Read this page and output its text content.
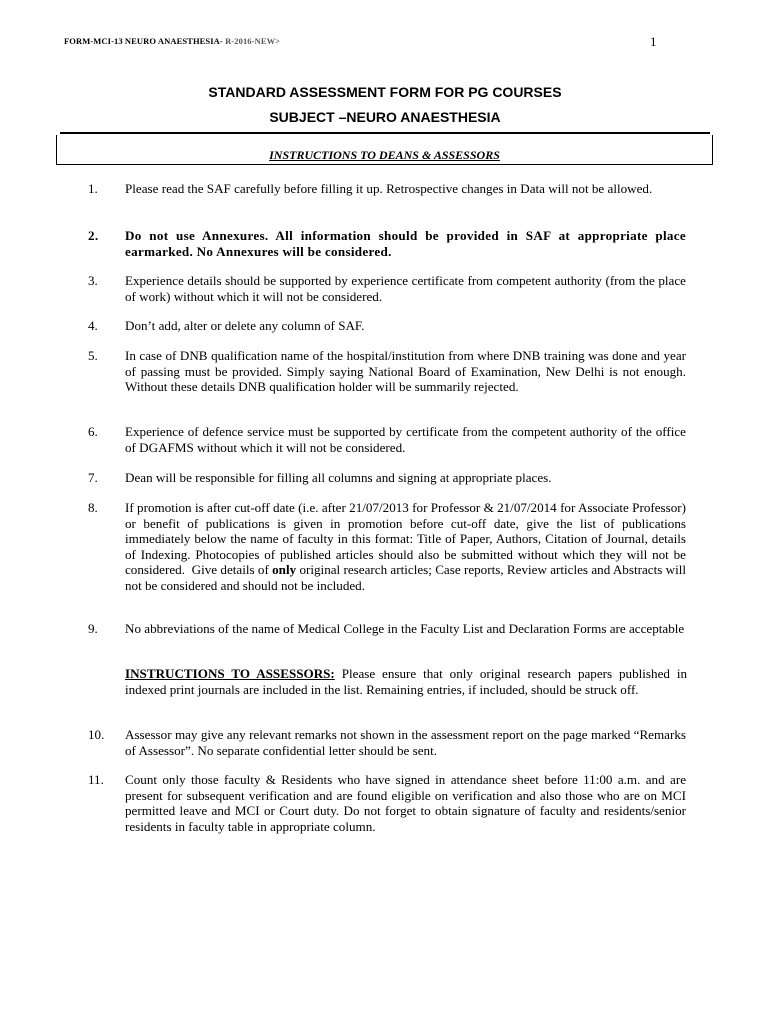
FORM-MCI-13 NEURO ANAESTHESIA- R-2016-NEW>	1
STANDARD ASSESSMENT FORM FOR PG COURSES
SUBJECT –NEURO ANAESTHESIA
INSTRUCTIONS TO DEANS & ASSESSORS
1. Please read the SAF carefully before filling it up. Retrospective changes in Data will not be allowed.
2. Do not use Annexures. All information should be provided in SAF at appropriate place earmarked. No Annexures will be considered.
3. Experience details should be supported by experience certificate from competent authority (from the place of work) without which it will not be considered.
4. Don’t add, alter or delete any column of SAF.
5. In case of DNB qualification name of the hospital/institution from where DNB training was done and year of passing must be provided. Simply saying National Board of Examination, New Delhi is not enough. Without these details DNB qualification holder will be summarily rejected.
6. Experience of defence service must be supported by certificate from the competent authority of the office of DGAFMS without which it will not be considered.
7. Dean will be responsible for filling all columns and signing at appropriate places.
8. If promotion is after cut-off date (i.e. after 21/07/2013 for Professor & 21/07/2014 for Associate Professor) or benefit of publications is given in promotion before cut-off date, give the list of publications immediately below the name of faculty in this format: Title of Paper, Authors, Citation of Journal, details of Indexing. Photocopies of published articles should also be submitted without which they will not be considered.  Give details of only original research articles; Case reports, Review articles and Abstracts will not be considered and should not be included.
9. No abbreviations of the name of Medical College in the Faculty List and Declaration Forms are acceptable
INSTRUCTIONS TO ASSESSORS: Please ensure that only original research papers published in indexed print journals are included in the list. Remaining entries, if included, should be struck off.
10. Assessor may give any relevant remarks not shown in the assessment report on the page marked “Remarks of Assessor”. No separate confidential letter should be sent.
11. Count only those faculty & Residents who have signed in attendance sheet before 11:00 a.m. and are present for subsequent verification and are found eligible on verification and also those who are on MCI permitted leave and MCI or Court duty. Do not forget to obtain signature of faculty and residents/senior residents in faculty table in appropriate column.
